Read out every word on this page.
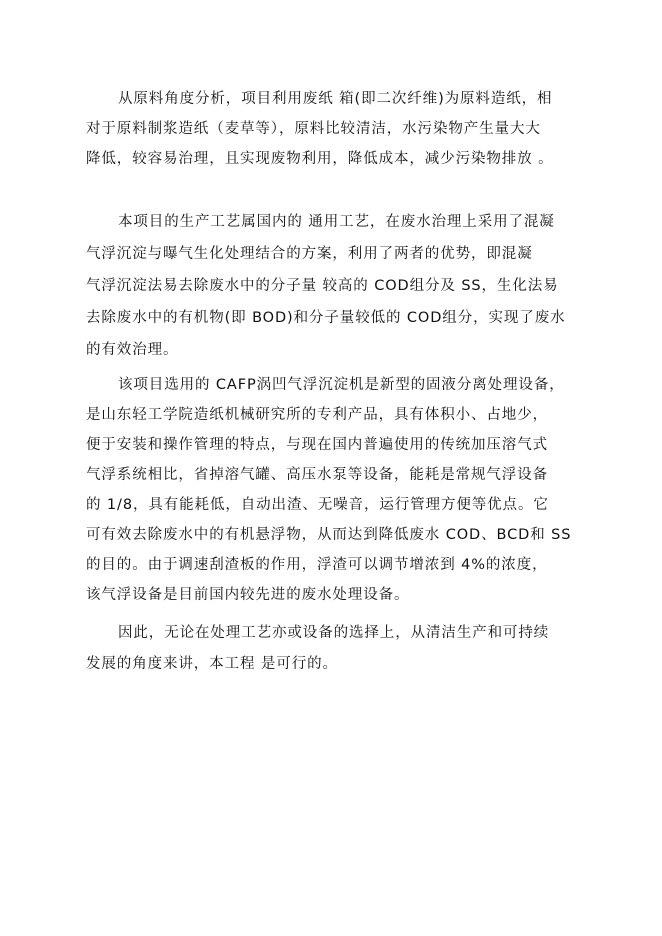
从原料角度分析，项目利用废纸 箱(即二次纤维)为原料造纸，相
对于原料制浆造纸（麦草等），原料比较清洁，水污染物产生量大大
降低，较容易治理，且实现废物利用，降低成本，减少污染物排放 。
本项目的生产工艺属国内的 通用工艺，在废水治理上采用了混凝
气浮沉淀与曝气生化处理结合的方案，利用了两者的优势，即混凝
气浮沉淀法易去除废水中的分子量 较高的 COD组分及 SS，生化法易
去除废水中的有机物(即 BOD)和分子量较低的 COD组分，实现了废水
的有效治理。
该项目选用的 CAFP涡凹气浮沉淀机是新型的固液分离处理设备，
是山东轻工学院造纸机械研究所的专利产品，具有体积小、占地少，
便于安装和操作管理的特点，与现在国内普遍使用的传统加压溶气式
气浮系统相比，省掉溶气罐、高压水泵等设备，能耗是常规气浮设备
的 1/8，具有能耗低，自动出渣、无噪音，运行管理方便等优点。它
可有效去除废水中的有机悬浮物，从而达到降低废水 COD、BCD和 SS
的目的。由于调速刮渣板的作用，浮渣可以调节增浓到 4%的浓度，
该气浮设备是目前国内较先进的废水处理设备。
因此，无论在处理工艺亦或设备的选择上，从清洁生产和可持续
发展的角度来讲，本工程 是可行的。
